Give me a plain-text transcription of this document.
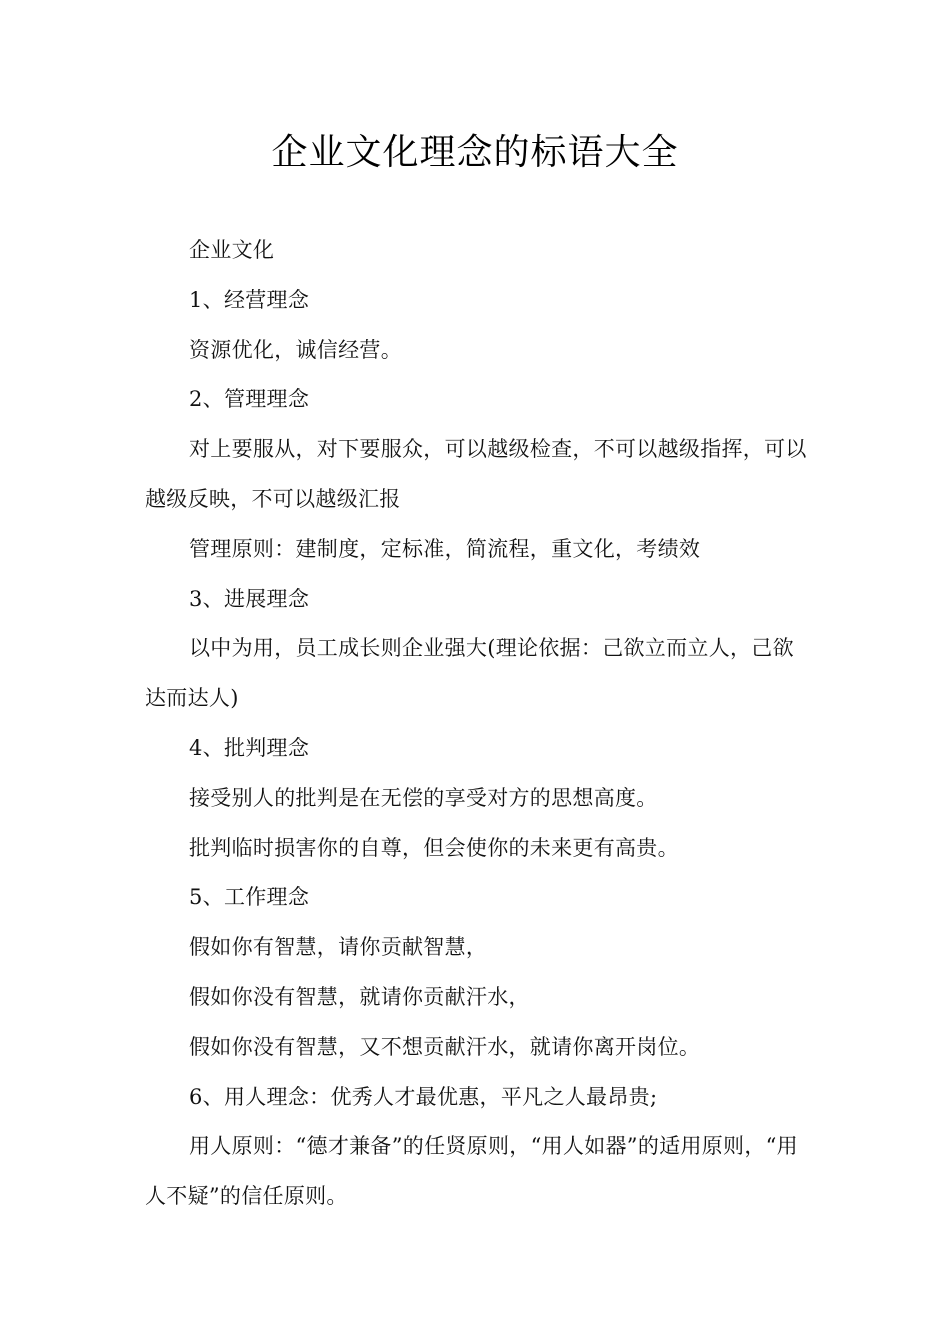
企业文化理念的标语大全

企业文化

1、经营理念

资源优化，诚信经营。

2、管理理念

对上要服从，对下要服众，可以越级检查，不可以越级指挥，可以越级反映，不可以越级汇报

管理原则：建制度，定标准，简流程，重文化，考绩效

3、进展理念

以中为用，员工成长则企业强大(理论依据：己欲立而立人，己欲达而达人)

4、批判理念

接受别人的批判是在无偿的享受对方的思想高度。

批判临时损害你的自尊，但会使你的未来更有高贵。

5、工作理念

假如你有智慧，请你贡献智慧，

假如你没有智慧，就请你贡献汗水，

假如你没有智慧，又不想贡献汗水，就请你离开岗位。

6、用人理念：优秀人才最优惠，平凡之人最昂贵;

用人原则：“德才兼备”的任贤原则，“用人如器”的适用原则，“用人不疑”的信任原则。
